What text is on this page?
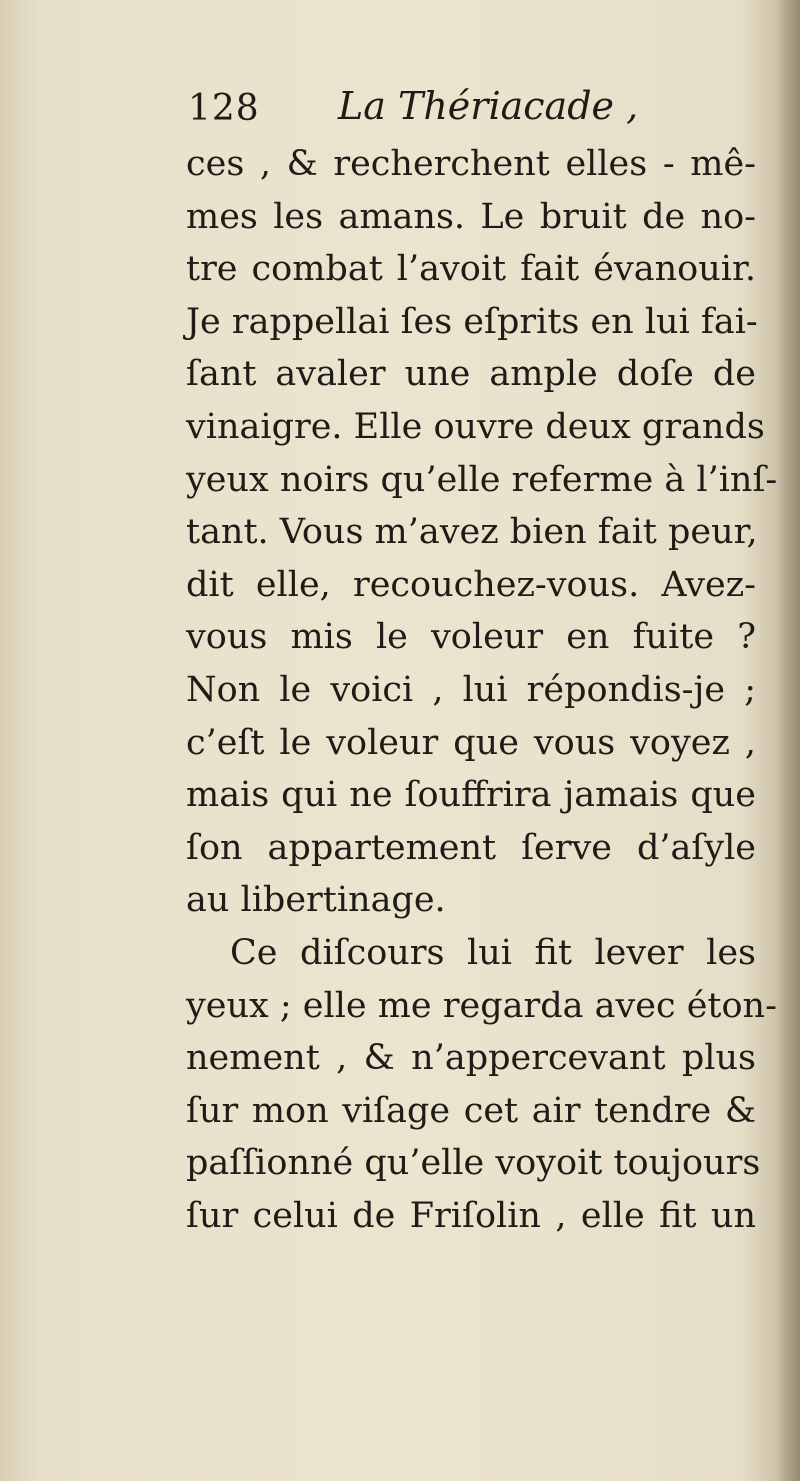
128 La Thériacade ,
ces , & recherchent elles - mê-
mes les amans. Le bruit de no-
tre combat l’avoit fait évanouir.
Je rappellai ſes eſprits en lui fai-
ſant avaler une ample doſe de
vinaigre. Elle ouvre deux grands
yeux noirs qu’elle referme à l’inſ-
tant. Vous m’avez bien fait peur,
dit elle, recouchez-vous. Avez-
vous mis le voleur en fuite ?
Non le voici , lui répondis-je ;
c’eſt le voleur que vous voyez ,
mais qui ne ſouffrira jamais que
ſon appartement ſerve d’aſyle
au libertinage.
Ce diſcours lui fit lever les
yeux ; elle me regarda avec éton-
nement , & n’appercevant plus
ſur mon viſage cet air tendre &
paſſionné qu’elle voyoit toujours
ſur celui de Friſolin , elle fit un
